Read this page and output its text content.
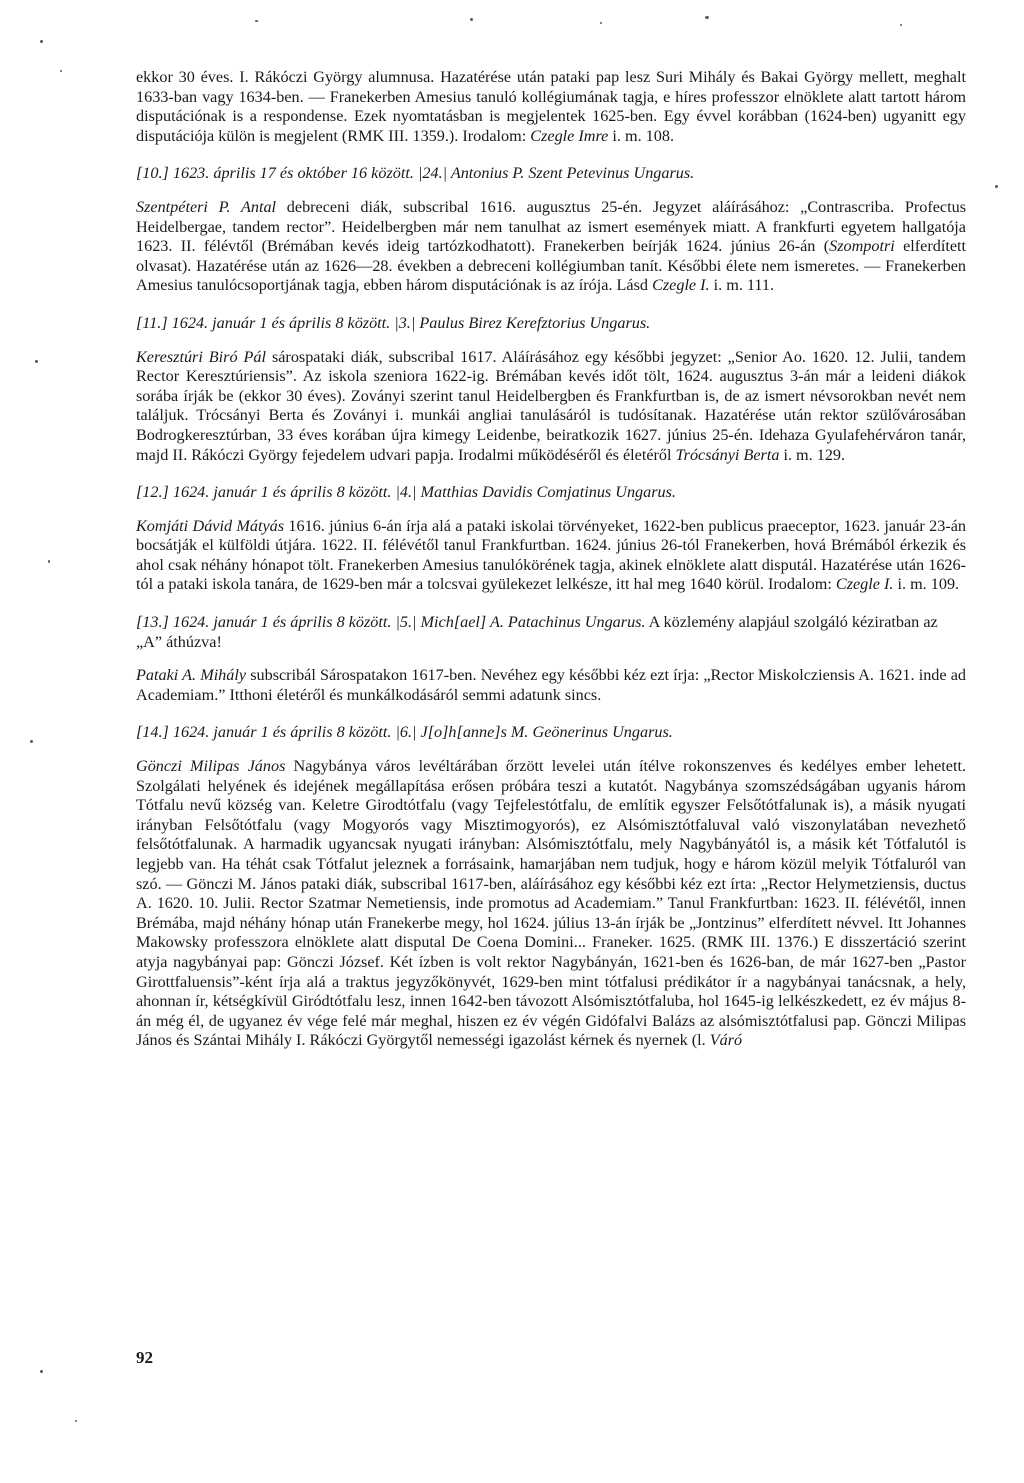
ekkor 30 éves. I. Rákóczi György alumnusa. Hazatérése után pataki pap lesz Suri Mihály és Bakai György mellett, meghalt 1633-ban vagy 1634-ben. — Franekerben Amesius tanuló kollégiumának tagja, e híres professzor elnöklete alatt tartott három disputációnak is a respondense. Ezek nyomtatásban is megjelentek 1625-ben. Egy évvel korábban (1624-ben) ugyanitt egy disputációja külön is megjelent (RMK III. 1359.). Irodalom: Czegle Imre i. m. 108.

[10.] 1623. április 17 és október 16 között. |24.| Antonius P. Szent Petevinus Ungarus.

Szentpéteri P. Antal debreceni diák, subscribal 1616. augusztus 25-én. Jegyzet aláírásához: „Contrascriba. Profectus Heidelbergae, tandem rector”. Heidelbergben már nem tanulhat az ismert események miatt. A frankfurti egyetem hallgatója 1623. II. félévtől (Brémában kevés ideig tartózkodhatott). Franekerben beírják 1624. június 26-án (Szompotri elferdített olvasat). Hazatérése után az 1626—28. években a debreceni kollégiumban tanít. Későbbi élete nem ismeretes. — Franekerben Amesius tanulócsoportjának tagja, ebben három disputációnak is az írója. Lásd Czegle I. i. m. 111.

[11.] 1624. január 1 és április 8 között. |3.| Paulus Birez Kerefztorius Ungarus.

Keresztúri Biró Pál sárospataki diák, subscribal 1617. Aláírásához egy későbbi jegyzet: „Senior Ao. 1620. 12. Julii, tandem Rector Keresztúriensis”. Az iskola szeniora 1622-ig. Brémában kevés időt tölt, 1624. augusztus 3-án már a leideni diákok sorába írják be (ekkor 30 éves). Zoványi szerint tanul Heidelbergben és Frankfurtban is, de az ismert névsorokban nevét nem találjuk. Trócsányi Berta és Zoványi i. munkái angliai tanulásáról is tudósítanak. Hazatérése után rektor szülővárosában Bodrogkeresztúrban, 33 éves korában újra kimegy Leidenbe, beiratkozik 1627. június 25-én. Idehaza Gyulafehérváron tanár, majd II. Rákóczi György fejedelem udvari papja. Irodalmi működéséről és életéről Trócsányi Berta i. m. 129.

[12.] 1624. január 1 és április 8 között. |4.| Matthias Davidis Comjatinus Ungarus.

Komjáti Dávid Mátyás 1616. június 6-án írja alá a pataki iskolai törvényeket, 1622-ben publicus praeceptor, 1623. január 23-án bocsátják el külföldi útjára. 1622. II. félévétől tanul Frankfurtban. 1624. június 26-tól Franekerben, hová Brémából érkezik és ahol csak néhány hónapot tölt. Franekerben Amesius tanulókörének tagja, akinek elnöklete alatt disputál. Hazatérése után 1626-tól a pataki iskola tanára, de 1629-ben már a tolcsvai gyülekezet lelkésze, itt hal meg 1640 körül. Irodalom: Czegle I. i. m. 109.

[13.] 1624. január 1 és április 8 között. |5.| Mich[ael] A. Patachinus Ungarus. A közlemény alapjául szolgáló kéziratban az „A” áthúzva!

Pataki A. Mihály subscribál Sárospatakon 1617-ben. Nevéhez egy későbbi kéz ezt írja: „Rector Miskolcziensis A. 1621. inde ad Academiam.” Itthoni életéről és munkálkodásáról semmi adatunk sincs.

[14.] 1624. január 1 és április 8 között. |6.| J[o]h[anne]s M. Geönerinus Ungarus.

Gönczi Milipas János Nagybánya város levéltárában őrzött levelei után ítélve rokonszenves és kedélyes ember lehetett. Szolgálati helyének és idejének megállapítása erősen próbára teszi a kutatót. Nagybánya szomszédságában ugyanis három Tótfalu nevű község van. Keletre Girodtótfalu (vagy Tejfelestótfalu, de említik egyszer Felsőtótfalunak is), a másik nyugati irányban Felsőtótfalu (vagy Mogyorós vagy Misztimogyorós), ez Alsómisztótfaluval való viszonylatában nevezhető felsőtótfalunak. A harmadik ugyancsak nyugati irányban: Alsómisztótfalu, mely Nagybányától is, a másik két Tótfalutól is legjebb van. Ha téhát csak Tótfalut jeleznek a forrásaink, hamarjában nem tudjuk, hogy e három közül melyik Tótfaluról van szó. — Gönczi M. János pataki diák, subscribal 1617-ben, aláírásához egy későbbi kéz ezt írta: „Rector Helymetziensis, ductus A. 1620. 10. Julii. Rector Szatmar Nemetiensis, inde promotus ad Academiam.” Tanul Frankfurtban: 1623. II. félévétől, innen Brémába, majd néhány hónap után Franekerbe megy, hol 1624. július 13-án írják be „Jontzinus” elferdített névvel. Itt Johannes Makowsky professzora elnöklete alatt disputal De Coena Domini... Franeker. 1625. (RMK III. 1376.) E disszertáció szerint atyja nagybányai pap: Gönczi József. Két ízben is volt rektor Nagybányán, 1621-ben és 1626-ban, de már 1627-ben „Pastor Girottfaluensis”-ként írja alá a traktus jegyzőkönyvét, 1629-ben mint tótfalusi prédikátor ír a nagybányai tanácsnak, a hely, ahonnan ír, kétségkívül Giródtótfalu lesz, innen 1642-ben távozott Alsómisztótfaluba, hol 1645-ig lelkészkedett, ez év május 8-án még él, de ugyanez év vége felé már meghal, hiszen ez év végén Gidófalvi Balázs az alsómisztótfalusi pap. Gönczi Milipas János és Szántai Mihály I. Rákóczi Györgytől nemességi igazolást kérnek és nyernek (l. Váró

92
